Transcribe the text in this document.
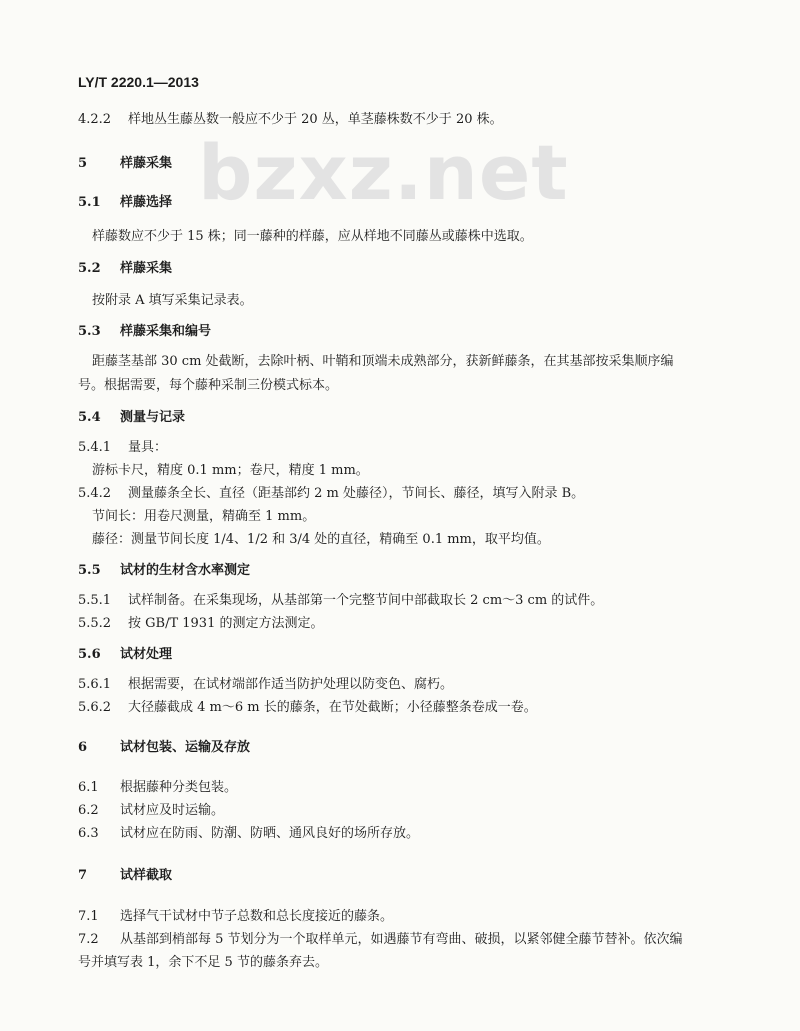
bzxz.net
LY/T 2220.1—2013
4.2.2 样地丛生藤丛数一般应不少于 20 丛，单茎藤株数不少于 20 株。
5	样藤采集
5.1 样藤选择
样藤数应不少于 15 株；同一藤种的样藤，应从样地不同藤丛或藤株中选取。
5.2 样藤采集
按附录 A 填写采集记录表。
5.3 样藤采集和编号
距藤茎基部 30 cm 处截断，去除叶柄、叶鞘和顶端未成熟部分，获新鲜藤条，在其基部按采集顺序编
号。根据需要，每个藤种采制三份模式标本。
5.4 测量与记录
5.4.1 量具：
游标卡尺，精度 0.1 mm；卷尺，精度 1 mm。
5.4.2 测量藤条全长、直径（距基部约 2 m 处藤径），节间长、藤径，填写入附录 B。
节间长：用卷尺测量，精确至 1 mm。
藤径：测量节间长度 1/4、1/2 和 3/4 处的直径，精确至 0.1 mm，取平均值。
5.5 试材的生材含水率测定
5.5.1 试样制备。在采集现场，从基部第一个完整节间中部截取长 2 cm～3 cm 的试件。
5.5.2 按 GB/T 1931 的测定方法测定。
5.6 试材处理
5.6.1 根据需要，在试材端部作适当防护处理以防变色、腐朽。
5.6.2 大径藤截成 4 m～6 m 长的藤条，在节处截断；小径藤整条卷成一卷。
6	试材包装、运输及存放
6.1 根据藤种分类包装。
6.2 试材应及时运输。
6.3 试材应在防雨、防潮、防晒、通风良好的场所存放。
7	试样截取
7.1 选择气干试材中节子总数和总长度接近的藤条。
7.2 从基部到梢部每 5 节划分为一个取样单元，如遇藤节有弯曲、破损，以紧邻健全藤节替补。依次编
号并填写表 1，余下不足 5 节的藤条弃去。
